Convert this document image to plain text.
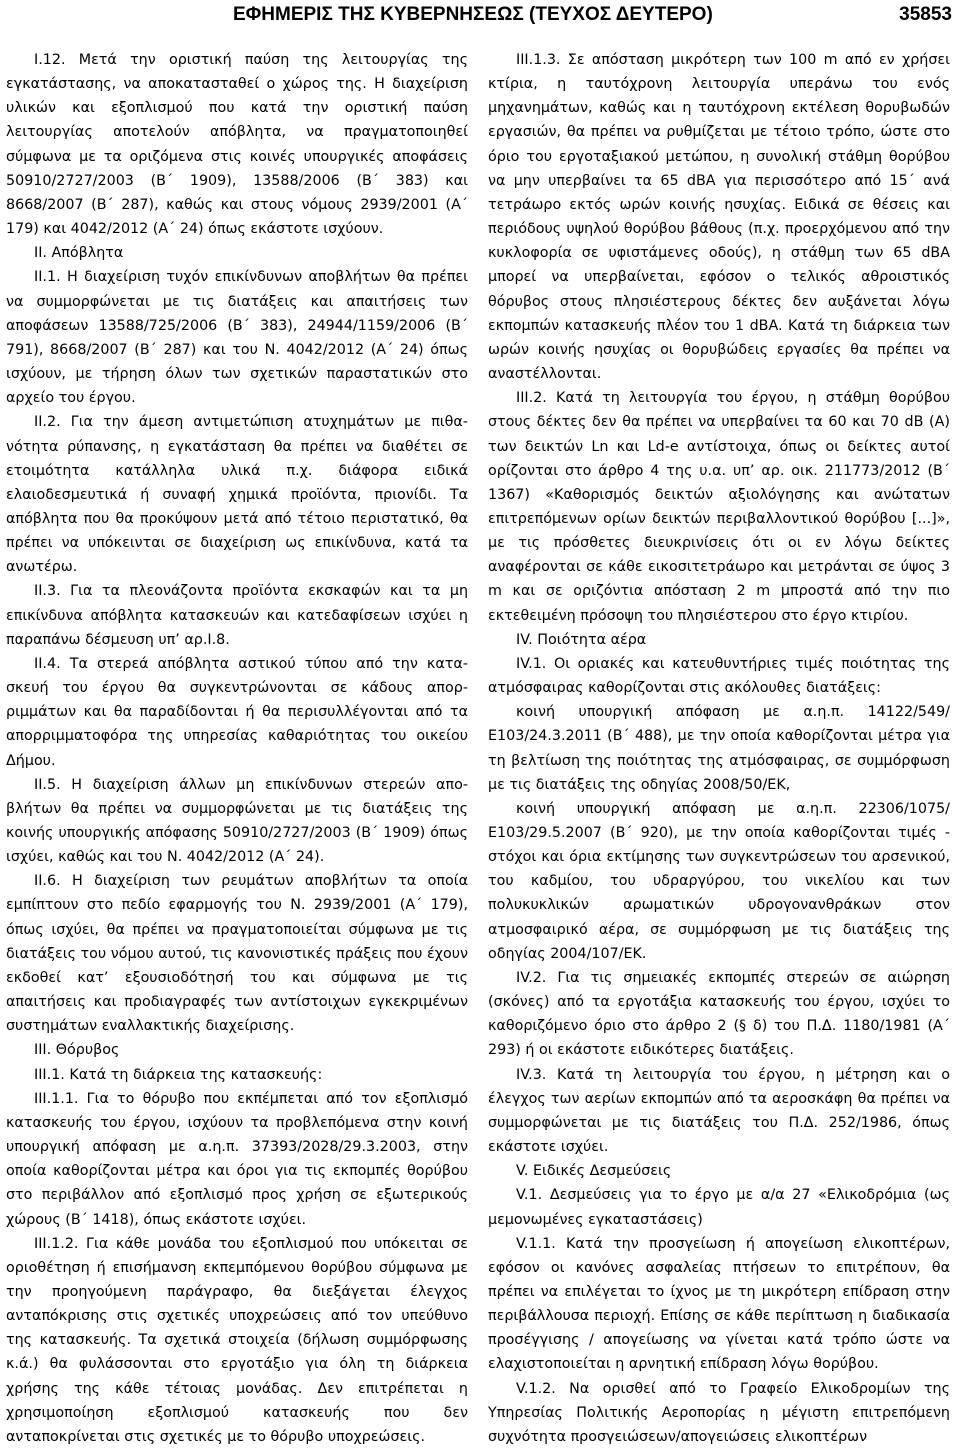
ΕΦΗΜΕΡΙΣ ΤΗΣ ΚΥΒΕΡΝΗΣΕΩΣ (ΤΕΥΧΟΣ ΔΕΥΤΕΡΟ)	35853

Ι.12. Μετά την οριστική παύση της λειτουργίας της εγκατάστασης, να αποκατασταθεί ο χώρος της. Η διαχείριση υλικών και εξοπλισμού που κατά την οριστική παύση λειτουργίας αποτελούν απόβλητα, να πραγματοποιηθεί σύμφωνα με τα οριζόμενα στις κοινές υπουργικές αποφάσεις 50910/2727/2003 (Β΄ 1909), 13588/2006 (Β΄ 383) και 8668/2007 (Β΄ 287), καθώς και στους νόμους 2939/2001 (Α΄ 179) και 4042/2012 (Α΄ 24) όπως εκάστοτε ισχύουν.

ΙΙ. Απόβλητα

ΙΙ.1. Η διαχείριση τυχόν επικίνδυνων αποβλήτων θα πρέπει να συμμορφώνεται με τις διατάξεις και απαιτήσεις των αποφάσεων 13588/725/2006 (Β΄ 383), 24944/1159/2006 (Β΄ 791), 8668/2007 (Β΄ 287) και του Ν. 4042/2012 (Α΄ 24) όπως ισχύουν, με τήρηση όλων των σχετικών παραστατικών στο αρχείο του έργου.

ΙΙ.2. Για την άμεση αντιμετώπιση ατυχημάτων με πιθανότητα ρύπανσης, η εγκατάσταση θα πρέπει να διαθέτει σε ετοιμότητα κατάλληλα υλικά π.χ. διάφορα ειδικά ελαιοδεσμευτικά ή συναφή χημικά προϊόντα, πριονίδι. Τα απόβλητα που θα προκύψουν μετά από τέτοιο περιστατικό, θα πρέπει να υπόκεινται σε διαχείριση ως επικίνδυνα, κατά τα ανωτέρω.

ΙΙ.3. Για τα πλεονάζοντα προϊόντα εκσκαφών και τα μη επικίνδυνα απόβλητα κατασκευών και κατεδαφίσεων ισχύει η παραπάνω δέσμευση υπ’ αρ.Ι.8.

ΙΙ.4. Τα στερεά απόβλητα αστικού τύπου από την κατασκευή του έργου θα συγκεντρώνονται σε κάδους απορριμμάτων και θα παραδίδονται ή θα περισυλλέγονται από τα απορριμματοφόρα της υπηρεσίας καθαριότητας του οικείου Δήμου.

ΙΙ.5. Η διαχείριση άλλων μη επικίνδυνων στερεών αποβλήτων θα πρέπει να συμμορφώνεται με τις διατάξεις της κοινής υπουργικής απόφασης 50910/2727/2003 (Β΄ 1909) όπως ισχύει, καθώς και του Ν. 4042/2012 (Α΄ 24).

ΙΙ.6. Η διαχείριση των ρευμάτων αποβλήτων τα οποία εμπίπτουν στο πεδίο εφαρμογής του Ν. 2939/2001 (Α΄ 179), όπως ισχύει, θα πρέπει να πραγματοποιείται σύμφωνα με τις διατάξεις του νόμου αυτού, τις κανονιστικές πράξεις που έχουν εκδοθεί κατ’ εξουσιοδότησή του και σύμφωνα με τις απαιτήσεις και προδιαγραφές των αντίστοιχων εγκεκριμένων συστημάτων εναλλακτικής διαχείρισης.

ΙΙΙ. Θόρυβος

ΙΙΙ.1. Κατά τη διάρκεια της κατασκευής:

ΙΙΙ.1.1. Για το θόρυβο που εκπέμπεται από τον εξοπλισμό κατασκευής του έργου, ισχύουν τα προβλεπόμενα στην κοινή υπουργική απόφαση με α.η.π. 37393/2028/29.3.2003, στην οποία καθορίζονται μέτρα και όροι για τις εκπομπές θορύβου στο περιβάλλον από εξοπλισμό προς χρήση σε εξωτερικούς χώρους (Β΄ 1418), όπως εκάστοτε ισχύει.

ΙΙΙ.1.2. Για κάθε μονάδα του εξοπλισμού που υπόκειται σε οριοθέτηση ή επισήμανση εκπεμπόμενου θορύβου σύμφωνα με την προηγούμενη παράγραφο, θα διεξάγεται έλεγχος ανταπόκρισης στις σχετικές υποχρεώσεις από τον υπεύθυνο της κατασκευής. Τα σχετικά στοιχεία (δήλωση συμμόρφωσης κ.ά.) θα φυλάσσονται στο εργοτάξιο για όλη τη διάρκεια χρήσης της κάθε τέτοιας μονάδας. Δεν επιτρέπεται η χρησιμοποίηση εξοπλισμού κατασκευής που δεν ανταποκρίνεται στις σχετικές με το θόρυβο υποχρεώσεις.

ΙΙΙ.1.3. Σε απόσταση μικρότερη των 100 m από εν χρήσει κτίρια, η ταυτόχρονη λειτουργία υπεράνω του ενός μηχανημάτων, καθώς και η ταυτόχρονη εκτέλεση θορυβωδών εργασιών, θα πρέπει να ρυθμίζεται με τέτοιο τρόπο, ώστε στο όριο του εργοταξιακού μετώπου, η συνολική στάθμη θορύβου να μην υπερβαίνει τα 65 dBA για περισσότερο από 15΄ ανά τετράωρο εκτός ωρών κοινής ησυχίας. Ειδικά σε θέσεις και περιόδους υψηλού θορύβου βάθους (π.χ. προερχόμενου από την κυκλοφορία σε υφιστάμενες οδούς), η στάθμη των 65 dBA μπορεί να υπερβαίνεται, εφόσον ο τελικός αθροιστικός θόρυβος στους πλησιέστερους δέκτες δεν αυξάνεται λόγω εκπομπών κατασκευής πλέον του 1 dBA. Κατά τη διάρκεια των ωρών κοινής ησυχίας οι θορυβώδεις εργασίες θα πρέπει να αναστέλλονται.

ΙΙΙ.2. Κατά τη λειτουργία του έργου, η στάθμη θορύβου στους δέκτες δεν θα πρέπει να υπερβαίνει τα 60 και 70 dB (A) των δεικτών Ln και Ld-e αντίστοιχα, όπως οι δείκτες αυτοί ορίζονται στο άρθρο 4 της υ.α. υπ’ αρ. οικ. 211773/2012 (Β΄ 1367) «Καθορισμός δεικτών αξιολόγησης και ανώτατων επιτρεπόμενων ορίων δεικτών περιβαλλοντικού θορύβου [...]», με τις πρόσθετες διευκρινίσεις ότι οι εν λόγω δείκτες αναφέρονται σε κάθε εικοσιτετράωρο και μετράνται σε ύψος 3 m και σε οριζόντια απόσταση 2 m μπροστά από την πιο εκτεθειμένη πρόσοψη του πλησιέστερου στο έργο κτιρίου.

IV. Ποιότητα αέρα

IV.1. Οι οριακές και κατευθυντήριες τιμές ποιότητας της ατμόσφαιρας καθορίζονται στις ακόλουθες διατάξεις:

κοινή υπουργική απόφαση με α.η.π. 14122/549/ Ε103/24.3.2011 (Β΄ 488), με την οποία καθορίζονται μέτρα για τη βελτίωση της ποιότητας της ατμόσφαιρας, σε συμμόρφωση με τις διατάξεις της οδηγίας 2008/50/ΕΚ,

κοινή υπουργική απόφαση με α.η.π. 22306/1075/ Ε103/29.5.2007 (Β΄ 920), με την οποία καθορίζονται τιμές - στόχοι και όρια εκτίμησης των συγκεντρώσεων του αρσενικού, του καδμίου, του υδραργύρου, του νικελίου και των πολυκυκλικών αρωματικών υδρογονανθράκων στον ατμοσφαιρικό αέρα, σε συμμόρφωση με τις διατάξεις της οδηγίας 2004/107/ΕΚ.

IV.2. Για τις σημειακές εκπομπές στερεών σε αιώρηση (σκόνες) από τα εργοτάξια κατασκευής του έργου, ισχύει το καθοριζόμενο όριο στο άρθρο 2 (§ δ) του Π.Δ. 1180/1981 (Α΄ 293) ή οι εκάστοτε ειδικότερες διατάξεις.

IV.3. Κατά τη λειτουργία του έργου, η μέτρηση και ο έλεγχος των αερίων εκπομπών από τα αεροσκάφη θα πρέπει να συμμορφώνεται με τις διατάξεις του Π.Δ. 252/1986, όπως εκάστοτε ισχύει.

V. Ειδικές Δεσμεύσεις

V.1. Δεσμεύσεις για το έργο με α/α 27 «Ελικοδρόμια (ως μεμονωμένες εγκαταστάσεις)

V.1.1. Κατά την προσγείωση ή απογείωση ελικοπτέρων, εφόσον οι κανόνες ασφαλείας πτήσεων το επιτρέπουν, θα πρέπει να επιλέγεται το ίχνος με τη μικρότερη επίδραση στην περιβάλλουσα περιοχή. Επίσης σε κάθε περίπτωση η διαδικασία προσέγγισης / απογείωσης να γίνεται κατά τρόπο ώστε να ελαχιστοποιείται η αρνητική επίδραση λόγω θορύβου.

V.1.2. Να ορισθεί από το Γραφείο Ελικοδρομίων της Υπηρεσίας Πολιτικής Αεροπορίας η μέγιστη επιτρεπόμενη συχνότητα προσγειώσεων/απογειώσεις ελικοπτέρων
